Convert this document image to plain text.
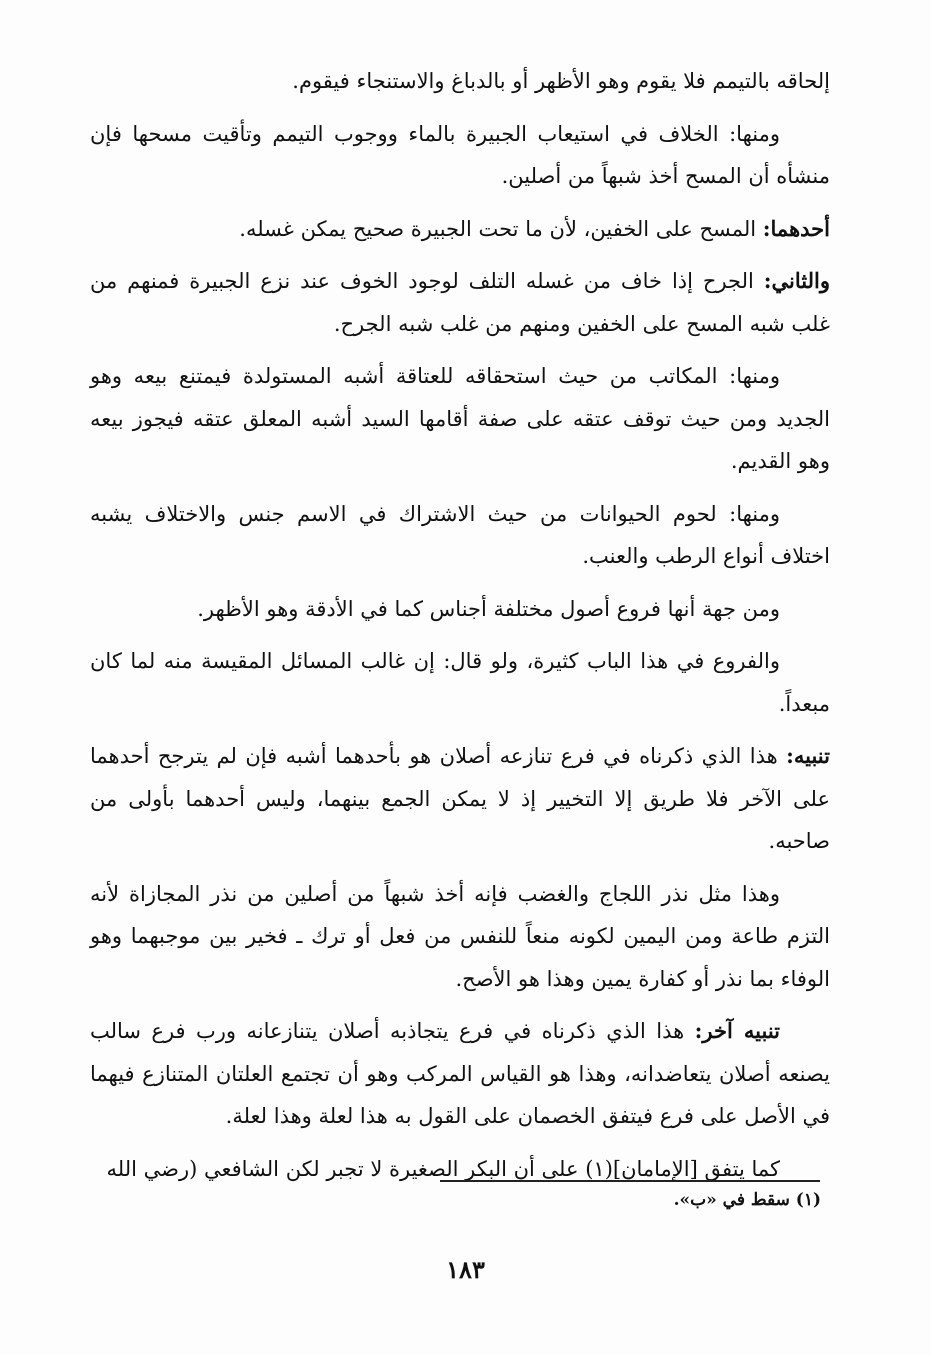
إلحاقه بالتيمم فلا يقوم وهو الأظهر أو بالدباغ والاستنجاء فيقوم.

ومنها: الخلاف في استيعاب الجبيرة بالماء ووجوب التيمم وتأقيت مسحها فإن منشأه أن المسح أخذ شبهاً من أصلين.

أحدهما: المسح على الخفين، لأن ما تحت الجبيرة صحيح يمكن غسله.

والثاني: الجرح إذا خاف من غسله التلف لوجود الخوف عند نزع الجبيرة فمنهم من غلب شبه المسح على الخفين ومنهم من غلب شبه الجرح.

ومنها: المكاتب من حيث استحقاقه للعتاقة أشبه المستولدة فيمتنع بيعه وهو الجديد ومن حيث توقف عتقه على صفة أقامها السيد أشبه المعلق عتقه فيجوز بيعه وهو القديم.

ومنها: لحوم الحيوانات من حيث الاشتراك في الاسم جنس والاختلاف يشبه اختلاف أنواع الرطب والعنب.

ومن جهة أنها فروع أصول مختلفة أجناس كما في الأدقة وهو الأظهر.

والفروع في هذا الباب كثيرة، ولو قال: إن غالب المسائل المقيسة منه لما كان مبعداً.

تنبيه: هذا الذي ذكرناه في فرع تنازعه أصلان هو بأحدهما أشبه فإن لم يترجح أحدهما على الآخر فلا طريق إلا التخيير إذ لا يمكن الجمع بينهما، وليس أحدهما بأولى من صاحبه.

وهذا مثل نذر اللجاج والغضب فإنه أخذ شبهاً من أصلين من نذر المجازاة لأنه التزم طاعة ومن اليمين لكونه منعاً للنفس من فعل أو ترك ـ فخير بين موجبهما وهو الوفاء بما نذر أو كفارة يمين وهذا هو الأصح.

تنبيه آخر: هذا الذي ذكرناه في فرع يتجاذبه أصلان يتنازعانه ورب فرع سالب يصنعه أصلان يتعاضدانه، وهذا هو القياس المركب وهو أن تجتمع العلتان المتنازع فيهما في الأصل على فرع فيتفق الخصمان على القول به هذا لعلة وهذا لعلة.

كما يتفق [الإمامان](١) على أن البكر الصغيرة لا تجبر لكن الشافعي (رضي الله

(١) سقط في «ب».
١٨٣
